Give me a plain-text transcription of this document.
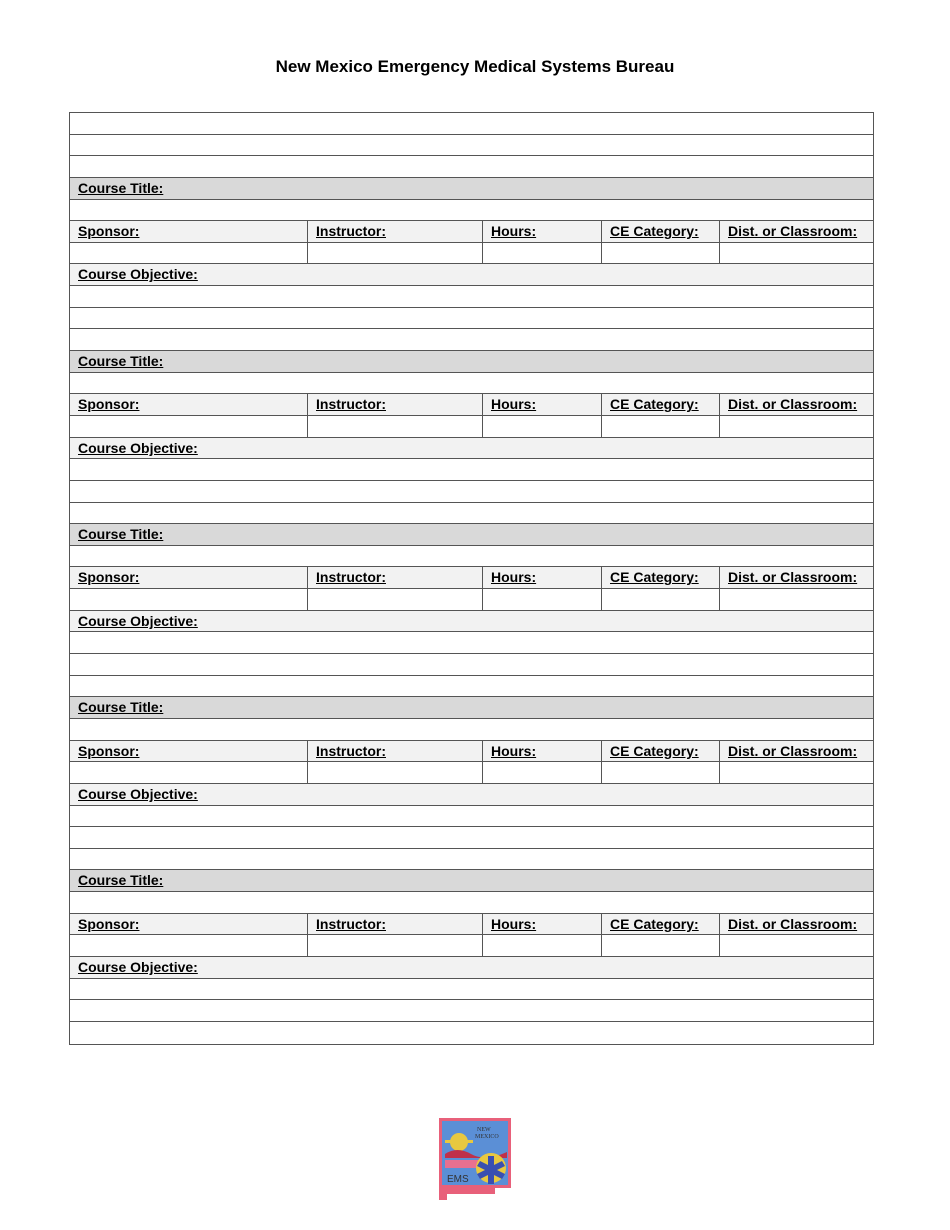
New Mexico Emergency Medical Systems Bureau
Course Title:
Sponsor:	Instructor:	Hours:	CE Category:	Dist. or Classroom:
Course Objective:
Course Title:
Sponsor:	Instructor:	Hours:	CE Category:	Dist. or Classroom:
Course Objective:
Course Title:
Sponsor:	Instructor:	Hours:	CE Category:	Dist. or Classroom:
Course Objective:
Course Title:
Sponsor:	Instructor:	Hours:	CE Category:	Dist. or Classroom:
Course Objective:
Course Title:
Sponsor:	Instructor:	Hours:	CE Category:	Dist. or Classroom:
Course Objective:
EMS
NEW
MEXICO
